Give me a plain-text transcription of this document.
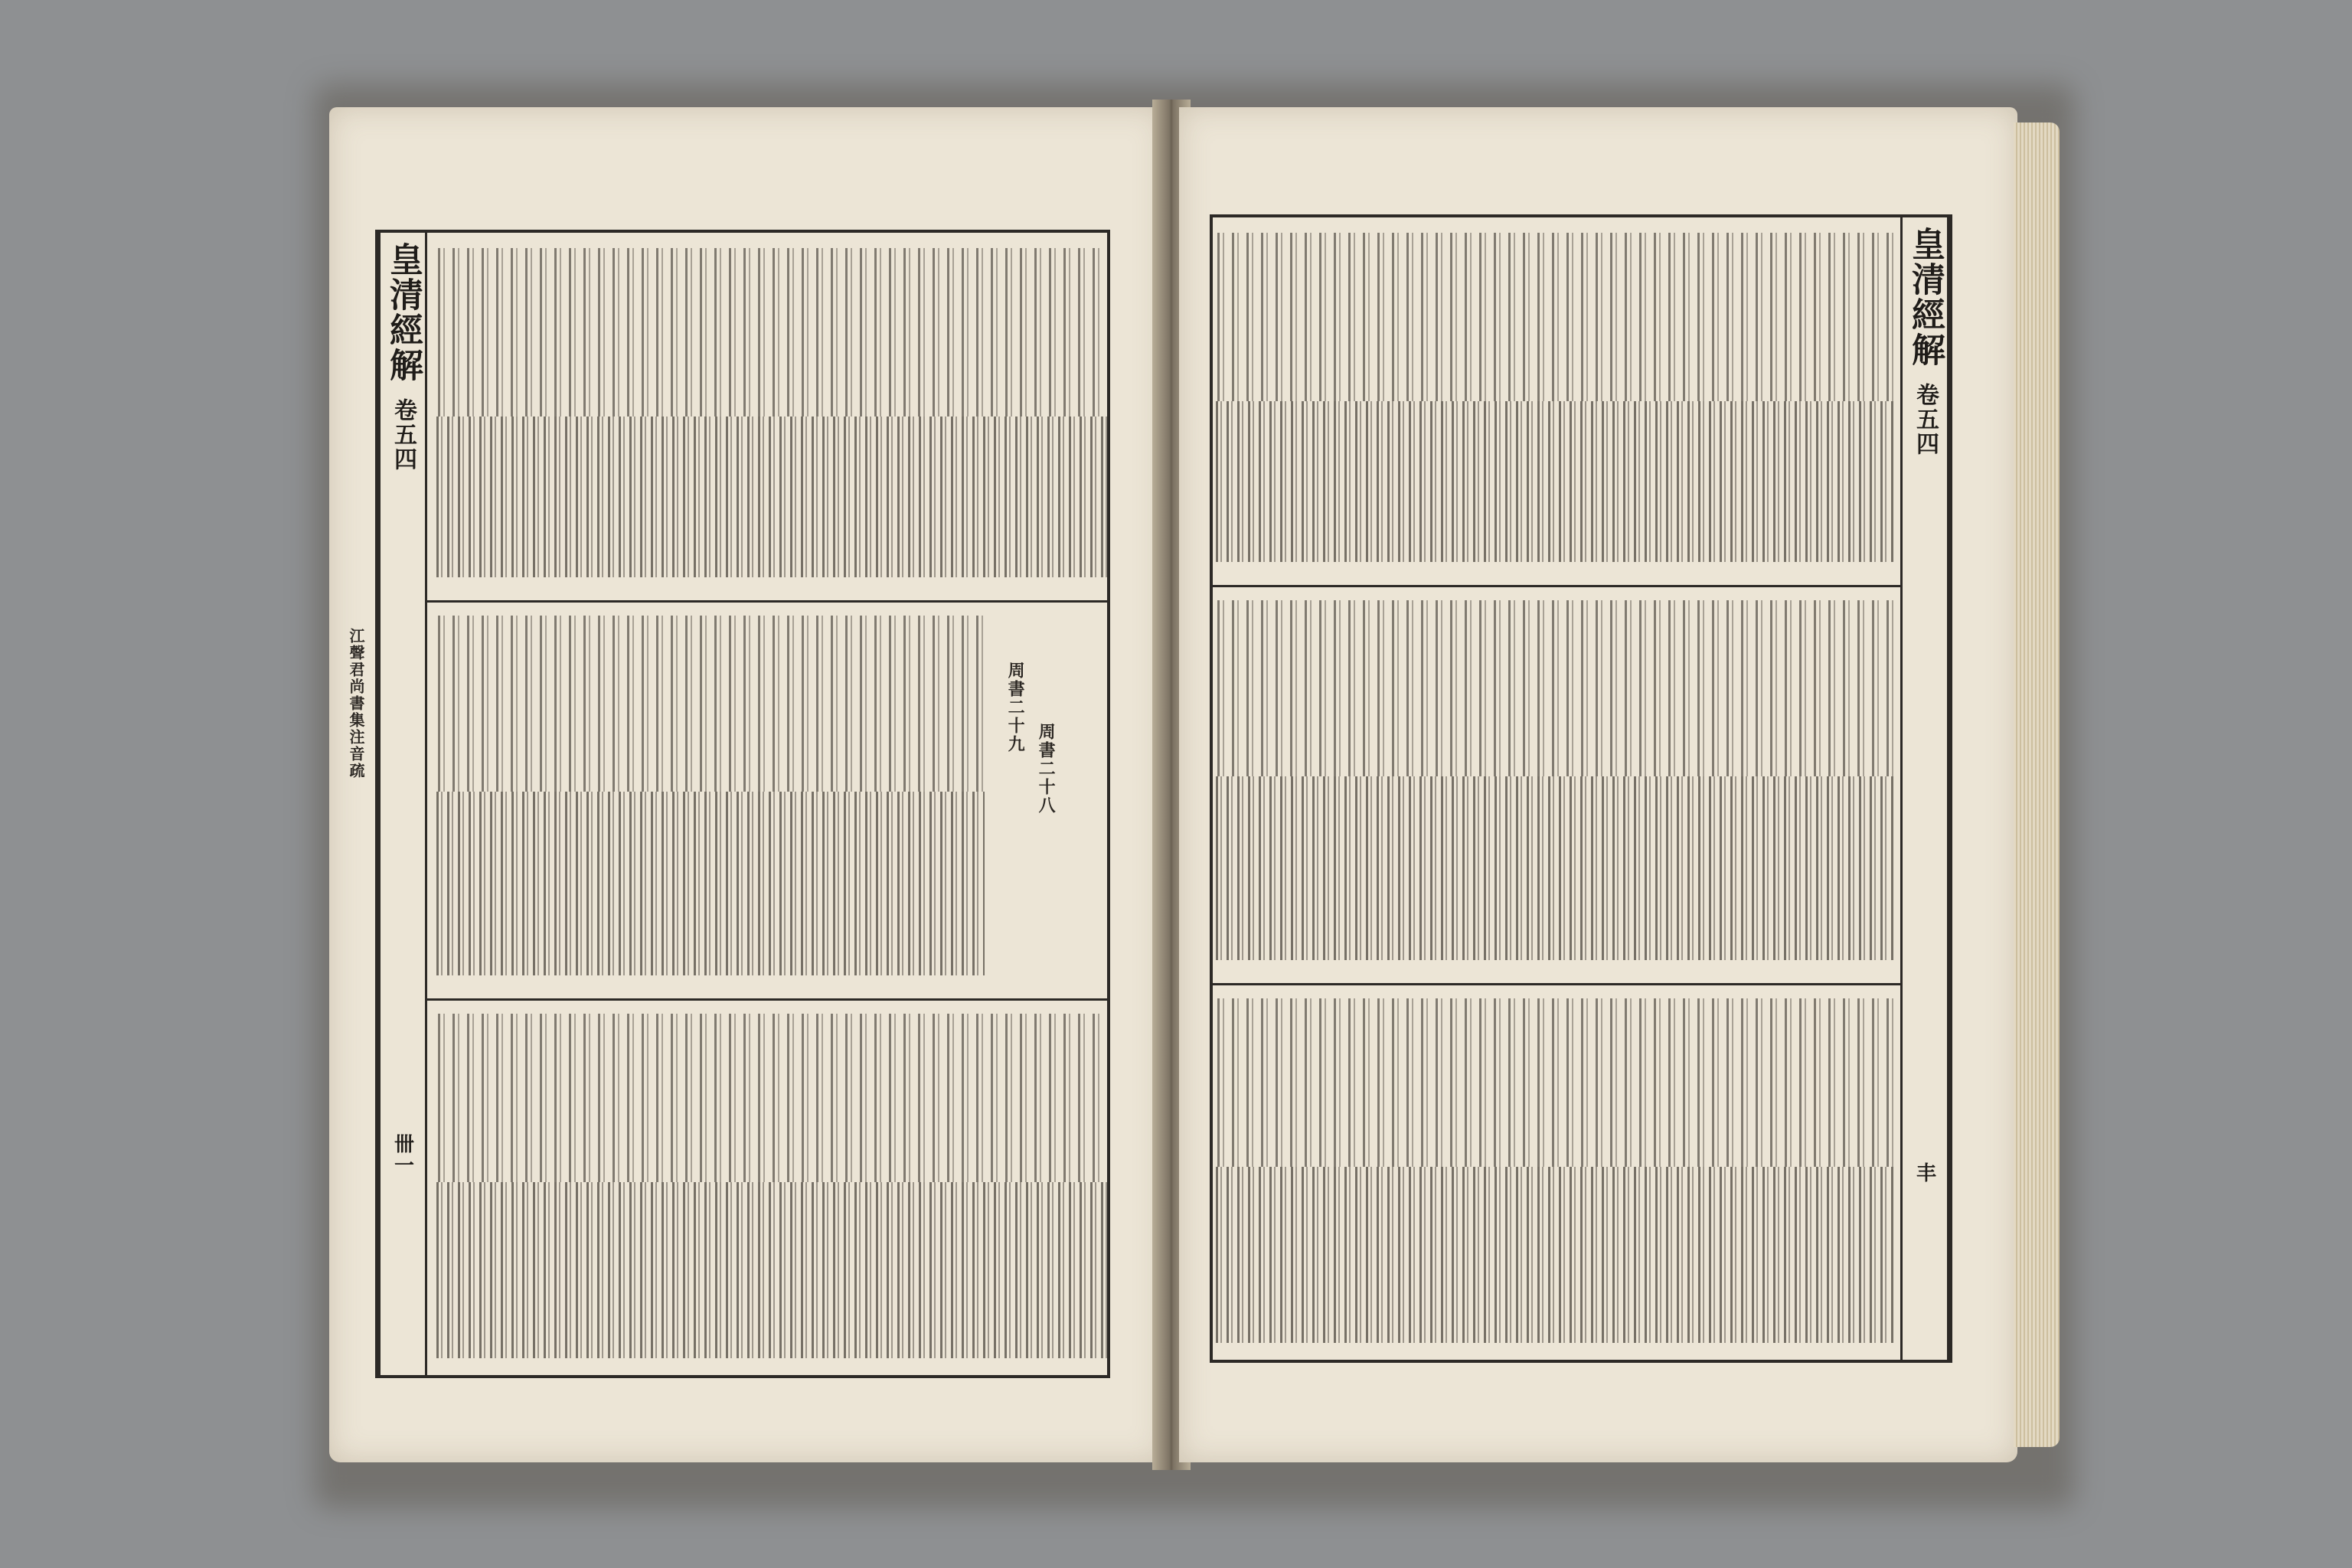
皇清經解
卷五四
卌一
周書二十八
周書二十九
江聲君尚書集注音疏
皇清經解
卷五四
丰
